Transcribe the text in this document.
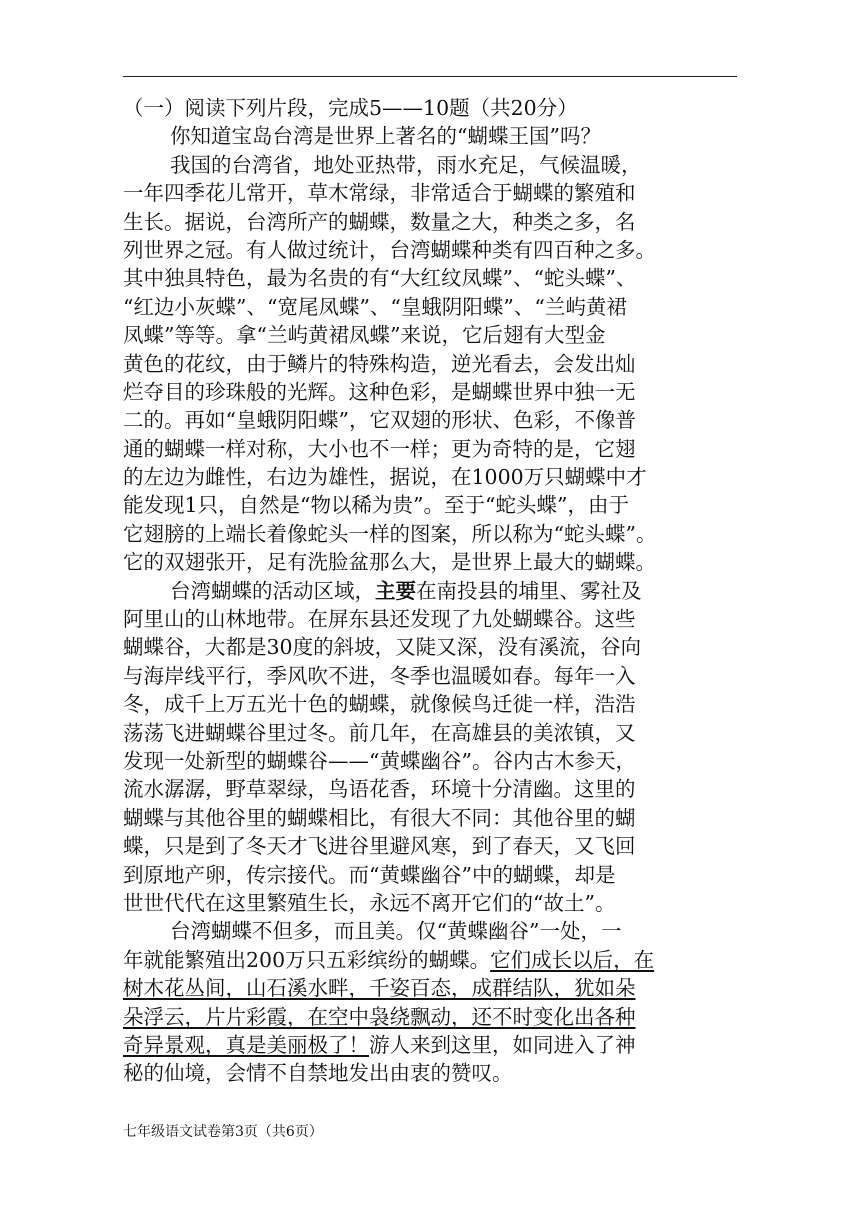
（一）阅读下列片段，完成5——10题（共20分）
你知道宝岛台湾是世界上著名的“蝴蝶王国”吗？
我国的台湾省，地处亚热带，雨水充足，气候温暖，
一年四季花儿常开，草木常绿，非常适合于蝴蝶的繁殖和
生长。据说，台湾所产的蝴蝶，数量之大，种类之多，名
列世界之冠。有人做过统计，台湾蝴蝶种类有四百种之多。
其中独具特色，最为名贵的有“大红纹凤蝶”、“蛇头蝶”、
“红边小灰蝶”、“宽尾凤蝶”、“皇蛾阴阳蝶”、“兰屿黄裙
凤蝶”等等。拿“兰屿黄裙凤蝶”来说，它后翅有大型金
黄色的花纹，由于鳞片的特殊构造，逆光看去，会发出灿
烂夺目的珍珠般的光辉。这种色彩，是蝴蝶世界中独一无
二的。再如“皇蛾阴阳蝶”，它双翅的形状、色彩，不像普
通的蝴蝶一样对称，大小也不一样；更为奇特的是，它翅
的左边为雌性，右边为雄性，据说，在1000万只蝴蝶中才
能发现1只，自然是“物以稀为贵”。至于“蛇头蝶”，由于
它翅膀的上端长着像蛇头一样的图案，所以称为“蛇头蝶”。
它的双翅张开，足有洗脸盆那么大，是世界上最大的蝴蝶。
台湾蝴蝶的活动区域，主要在南投县的埔里、雾社及
阿里山的山林地带。在屏东县还发现了九处蝴蝶谷。这些
蝴蝶谷，大都是30度的斜坡，又陡又深，没有溪流，谷向
与海岸线平行，季风吹不进，冬季也温暖如春。每年一入
冬，成千上万五光十色的蝴蝶，就像候鸟迁徙一样，浩浩
荡荡飞进蝴蝶谷里过冬。前几年，在高雄县的美浓镇，又
发现一处新型的蝴蝶谷——“黄蝶幽谷”。谷内古木参天，
流水潺潺，野草翠绿，鸟语花香，环境十分清幽。这里的
蝴蝶与其他谷里的蝴蝶相比，有很大不同：其他谷里的蝴
蝶，只是到了冬天才飞进谷里避风寒，到了春天，又飞回
到原地产卵，传宗接代。而“黄蝶幽谷”中的蝴蝶，却是
世世代代在这里繁殖生长，永远不离开它们的“故土”。
台湾蝴蝶不但多，而且美。仅“黄蝶幽谷”一处，一
年就能繁殖出200万只五彩缤纷的蝴蝶。它们成长以后，在
树木花丛间，山石溪水畔，千姿百态，成群结队，犹如朵
朵浮云，片片彩霞，在空中袅绕飘动，还不时变化出各种
奇异景观，真是美丽极了！游人来到这里，如同进入了神
秘的仙境，会情不自禁地发出由衷的赞叹。
七年级语文试卷第3页（共6页）
